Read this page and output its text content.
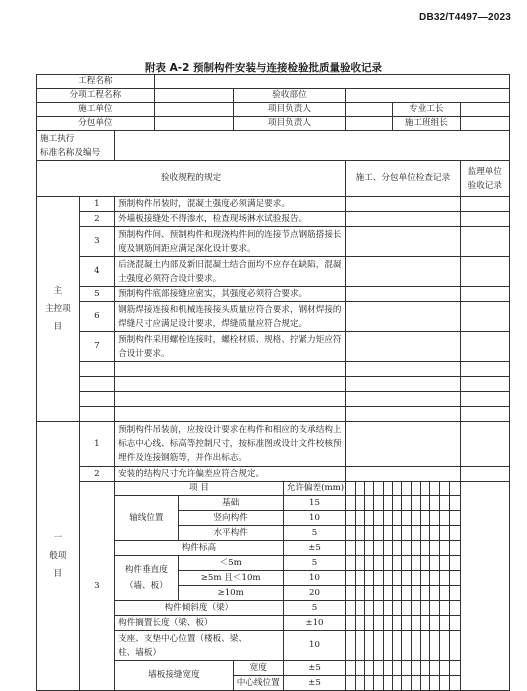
DB32/T4497—2023
附表 A-2 预制构件安装与连接检验批质量验收记录
工程名称																			
分项工程名称					验收部位														
施工单位					项目负责人							专业工长							
分包单位					项目负责人							施工班组长							
施工执行
标准名称及编号																			
验收规程的规定							施工、分包单位检查记录												监理单位
验收记录
主
主控项
目	1	预制构件吊装时，混凝土强度必须满足要求。																	
	2	外墙板接缝处不得渗水，检查现场淋水试验报告。																	
	3	预制构件间、预制构件和现浇构件间的连接节点钢筋搭接长度及钢筋间距应满足深化设计要求。																	
	4	后浇混凝土内部及新旧混凝土结合面均不应存在缺陷，混凝土强度必须符合设计要求。																	
	5	预制构件底部接缝应密实，其强度必须符合要求。																	
	6	钢筋焊接连接和机械连接接头质量应符合要求，钢材焊接的焊缝尺寸应满足设计要求，焊缝质量应符合规定。																	
	7	预制构件采用螺栓连接时，螺栓材质、规格、拧紧力矩应符合设计要求。																	

一
般项
目	1	预制构件吊装前，应按设计要求在构件和相应的支承结构上标志中心线、标高等控制尺寸，按标准图或设计文件校核预埋件及连接钢筋等，并作出标志。																	
	2	安装的结构尺寸允许偏差应符合规定。																	
	3	项 目				允许偏差(mm)													
		轴线位置		基础		15													
				竖向构件		10													
				水平构件		5													
		构件标高				±5													
		构件垂直度
（墙、板）		＜5m		5													
				≥5m 且＜10m		10													
				≥10m		20													
		构件倾斜度（梁）				5													
		构件搁置长度（梁、板）				±10													
		支座、支垫中心位置（楼板、梁、
柱、墙板）				10													
		墙板接缝宽度			宽度	±5													
					中心线位置	±5													
